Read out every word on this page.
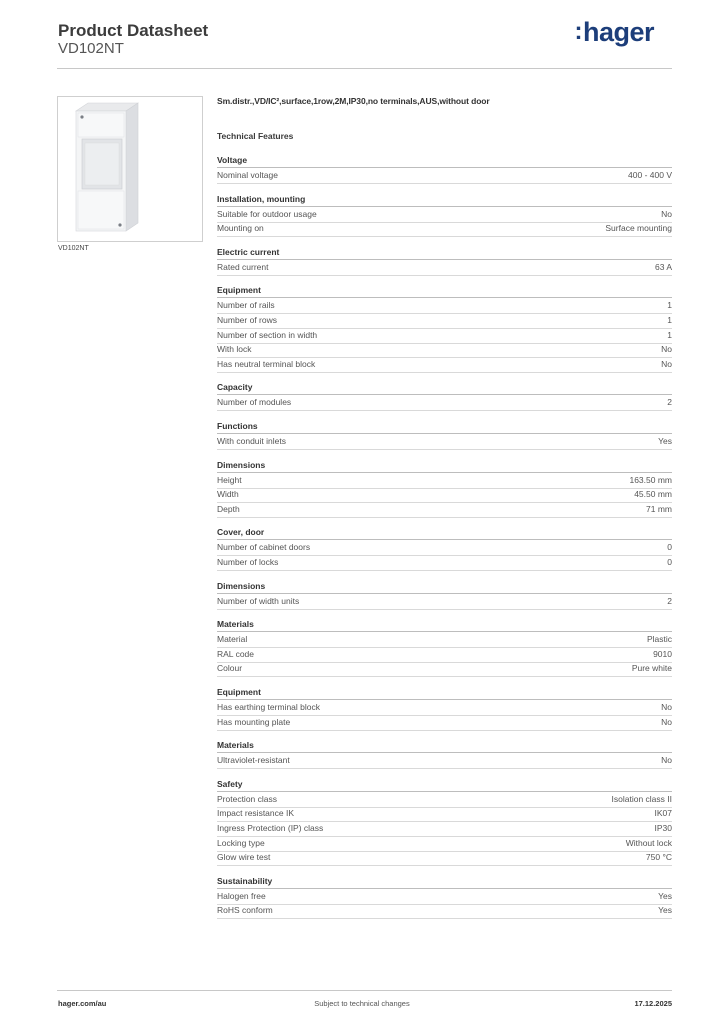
Product Datasheet
VD102NT
:hager
VD102NT
Sm.distr.,VD/IC²,surface,1row,2M,IP30,no terminals,AUS,without door
Technical Features
Voltage
Nominal voltage	400 - 400 V
Installation, mounting
Suitable for outdoor usage	No
Mounting on	Surface mounting
Electric current
Rated current	63 A
Equipment
Number of rails	1
Number of rows	1
Number of section in width	1
With lock	No
Has neutral terminal block	No
Capacity
Number of modules	2
Functions
With conduit inlets	Yes
Dimensions
Height	163.50 mm
Width	45.50 mm
Depth	71 mm
Cover, door
Number of cabinet doors	0
Number of locks	0
Dimensions
Number of width units	2
Materials
Material	Plastic
RAL code	9010
Colour	Pure white
Equipment
Has earthing terminal block	No
Has mounting plate	No
Materials
Ultraviolet-resistant	No
Safety
Protection class	Isolation class II
Impact resistance IK	IK07
Ingress Protection (IP) class	IP30
Locking type	Without lock
Glow wire test	750 °C
Sustainability
Halogen free	Yes
RoHS conform	Yes
hager.com/au	Subject to technical changes	17.12.2025
